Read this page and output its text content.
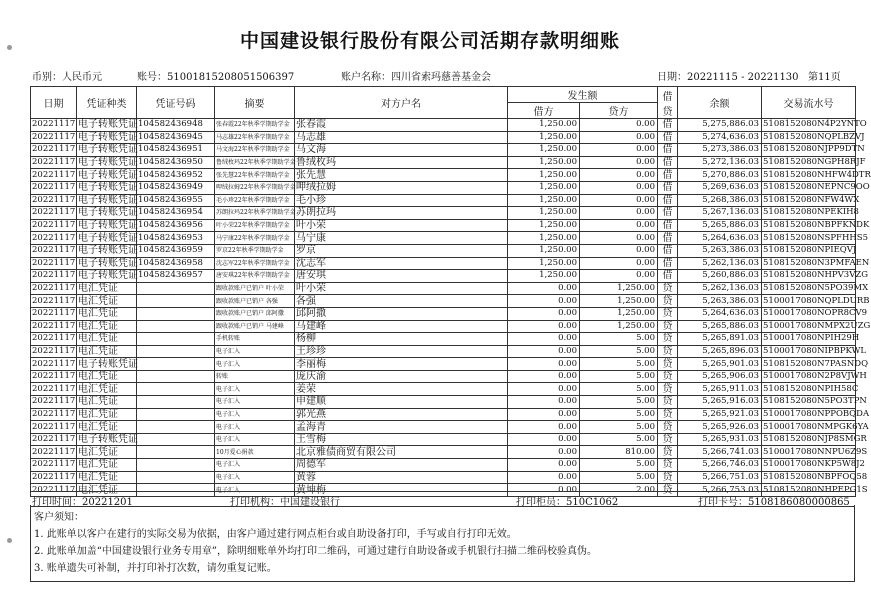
中国建设银行股份有限公司活期存款明细账
币别：人民币元	账号：51001815208051506397	账户名称：四川省索玛慈善基金会	日期：20221115 - 20221130 第11页
日期	凭证种类	凭证号码	摘要	对方户名	发生额		借贷	余额	交易流水号
					借方	贷方			
20221117	电子转账凭证	104582436948	张春霞22年秋季学期助学金	张春霞	1,250.00	0.00	借	5,275,886.03	5108152080N4P2YNTO
20221117	电子转账凭证	104582436945	马志雄22年秋季学期助学金	马志雄	1,250.00	0.00	借	5,274,636.03	5108152080NQPLBZVJ
20221117	电子转账凭证	104582436951	马文海22年秋季学期助学金	马文海	1,250.00	0.00	借	5,273,386.03	5108152080NJPP9DTN
20221117	电子转账凭证	104582436950	鲁绒枚玛22年秋季学期助学金	鲁绒枚玛	1,250.00	0.00	借	5,272,136.03	5108152080NGPH8RJF
20221117	电子转账凭证	104582436952	张先慧22年秋季学期助学金	张先慧	1,250.00	0.00	借	5,270,886.03	5108152080NHFW4DTR
20221117	电子转账凭证	104582436949	呷绒拉姆22年秋季学期助学金	呷绒拉姆	1,250.00	0.00	借	5,269,636.03	5108152080NEPNC9OO
20221117	电子转账凭证	104582436955	毛小珍22年秋季学期助学金	毛小珍	1,250.00	0.00	借	5,268,386.03	5108152080NFW4WX
20221117	电子转账凭证	104582436954	苏朗拉玛22年秋季学期助学金	苏朗拉玛	1,250.00	0.00	借	5,267,136.03	5108152080NPEKIH8
20221117	电子转账凭证	104582436956	叶小荣22年秋季学期助学金	叶小荣	1,250.00	0.00	借	5,265,886.03	5108152080NBPFKNDK
20221117	电子转账凭证	104582436953	马宁康22年秋季学期助学金	马宁康	1,250.00	0.00	借	5,264,636.03	5108152080NSPFHHS5
20221117	电子转账凭证	104582436959	罗京22年秋季学期助学金	罗京	1,250.00	0.00	借	5,263,386.03	5108152080NPIEQVJ
20221117	电子转账凭证	104582436958	沈志军22年秋季学期助学金	沈志军	1,250.00	0.00	借	5,262,136.03	5108152080N3PMFAEN
20221117	电子转账凭证	104582436957	唐安琪22年秋季学期助学金	唐安琪	1,250.00	0.00	借	5,260,886.03	5108152080NHPV3VZG
20221117	电汇凭证		跟收款账户已销户 叶小荣	叶小荣	0.00	1,250.00	贷	5,262,136.03	5108152080N5PO39MX
20221117	电汇凭证		跟收款账户已销户 各强	各强	0.00	1,250.00	贷	5,263,386.03	5100017080NQPLDURB
20221117	电汇凭证		跟收款账户已销户 邱阿撒	邱阿撒	0.00	1,250.00	贷	5,264,636.03	5100017080NOPR8CV9
20221117	电汇凭证		跟收款账户已销户 马建峰	马建峰	0.00	1,250.00	贷	5,265,886.03	5100017080NMPX2UZG
20221117	电汇凭证		手机转账	杨柳	0.00	5.00	贷	5,265,891.03	5100017080NPIH29H
20221117	电汇凭证		电子汇入	王珍珍	0.00	5.00	贷	5,265,896.03	5100017080NIPBPKWL
20221117	电子转账凭证		电子汇入	李丽梅	0.00	5.00	贷	5,265,901.03	5108152080N7PASNDQ
20221117	电汇凭证		转账	庞庆渝	0.00	5.00	贷	5,265,906.03	5100017080N2P8VJWH
20221117	电汇凭证		电子汇入	姜荣	0.00	5.00	贷	5,265,911.03	5108152080NPIH58C
20221117	电汇凭证		电子汇入	申建顺	0.00	5.00	贷	5,265,916.03	5108152080N5PO3TPN
20221117	电汇凭证		电子汇入	郭光燕	0.00	5.00	贷	5,265,921.03	5100017080NPPOBQDA
20221117	电汇凭证		电子汇入	孟海青	0.00	5.00	贷	5,265,926.03	5100017080NMPGK6YA
20221117	电子转账凭证		电子汇入	王雪梅	0.00	5.00	贷	5,265,931.03	5108152080NJP8SMGR
20221117	电汇凭证		10月爱心捐款	北京雅债商贸有限公司	0.00	810.00	贷	5,266,741.03	5100017080NNPU6Z9S
20221117	电汇凭证		电子汇入	周德军	0.00	5.00	贷	5,266,746.03	5100017080NKP5W8J2
20221117	电汇凭证		电子汇入	黄蓉	0.00	5.00	贷	5,266,751.03	5108152080NBPFOQ58
20221117	电汇凭证		电子汇入	黄坤梅	0.00	2.00	贷	5,266,753.03	5108152080NHPEPG1S
打印时间：20221201	打印机构：中国建设银行	打印柜员：510C1062	打印卡号：5108186080000865
客户须知：
1. 此账单以客户在建行的实际交易为依据，由客户通过建行网点柜台或自助设备打印，手写或自行打印无效。
2. 此账单加盖“中国建设银行业务专用章”，除明细账单外均打印二维码，可通过建行自助设备或手机银行扫描二维码校验真伪。
3. 账单遗失可补制，并打印补打次数，请勿重复记账。
